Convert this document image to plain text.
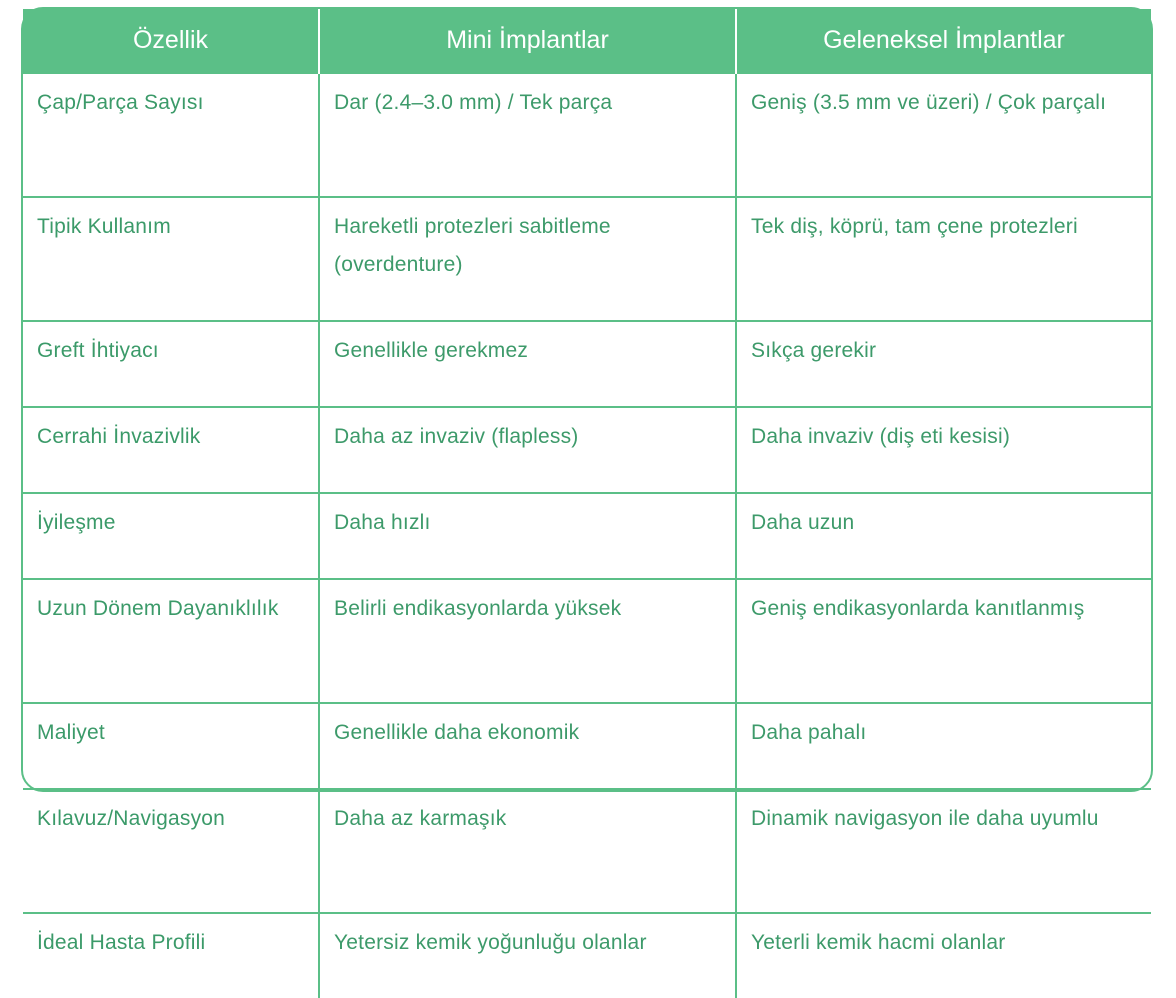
Özellik	Mini İmplantlar	Geleneksel İmplantlar
Çap/Parça Sayısı	Dar (2.4–3.0 mm) / Tek parça	Geniş (3.5 mm ve üzeri) / Çok parçalı
Tipik Kullanım	Hareketli protezleri sabitleme (overdenture)	Tek diş, köprü, tam çene protezleri
Greft İhtiyacı	Genellikle gerekmez	Sıkça gerekir
Cerrahi İnvazivlik	Daha az invaziv (flapless)	Daha invaziv (diş eti kesisi)
İyileşme	Daha hızlı	Daha uzun
Uzun Dönem Dayanıklılık	Belirli endikasyonlarda yüksek	Geniş endikasyonlarda kanıtlanmış
Maliyet	Genellikle daha ekonomik	Daha pahalı
Kılavuz/Navigasyon	Daha az karmaşık	Dinamik navigasyon ile daha uyumlu
İdeal Hasta Profili	Yetersiz kemik yoğunluğu olanlar	Yeterli kemik hacmi olanlar
